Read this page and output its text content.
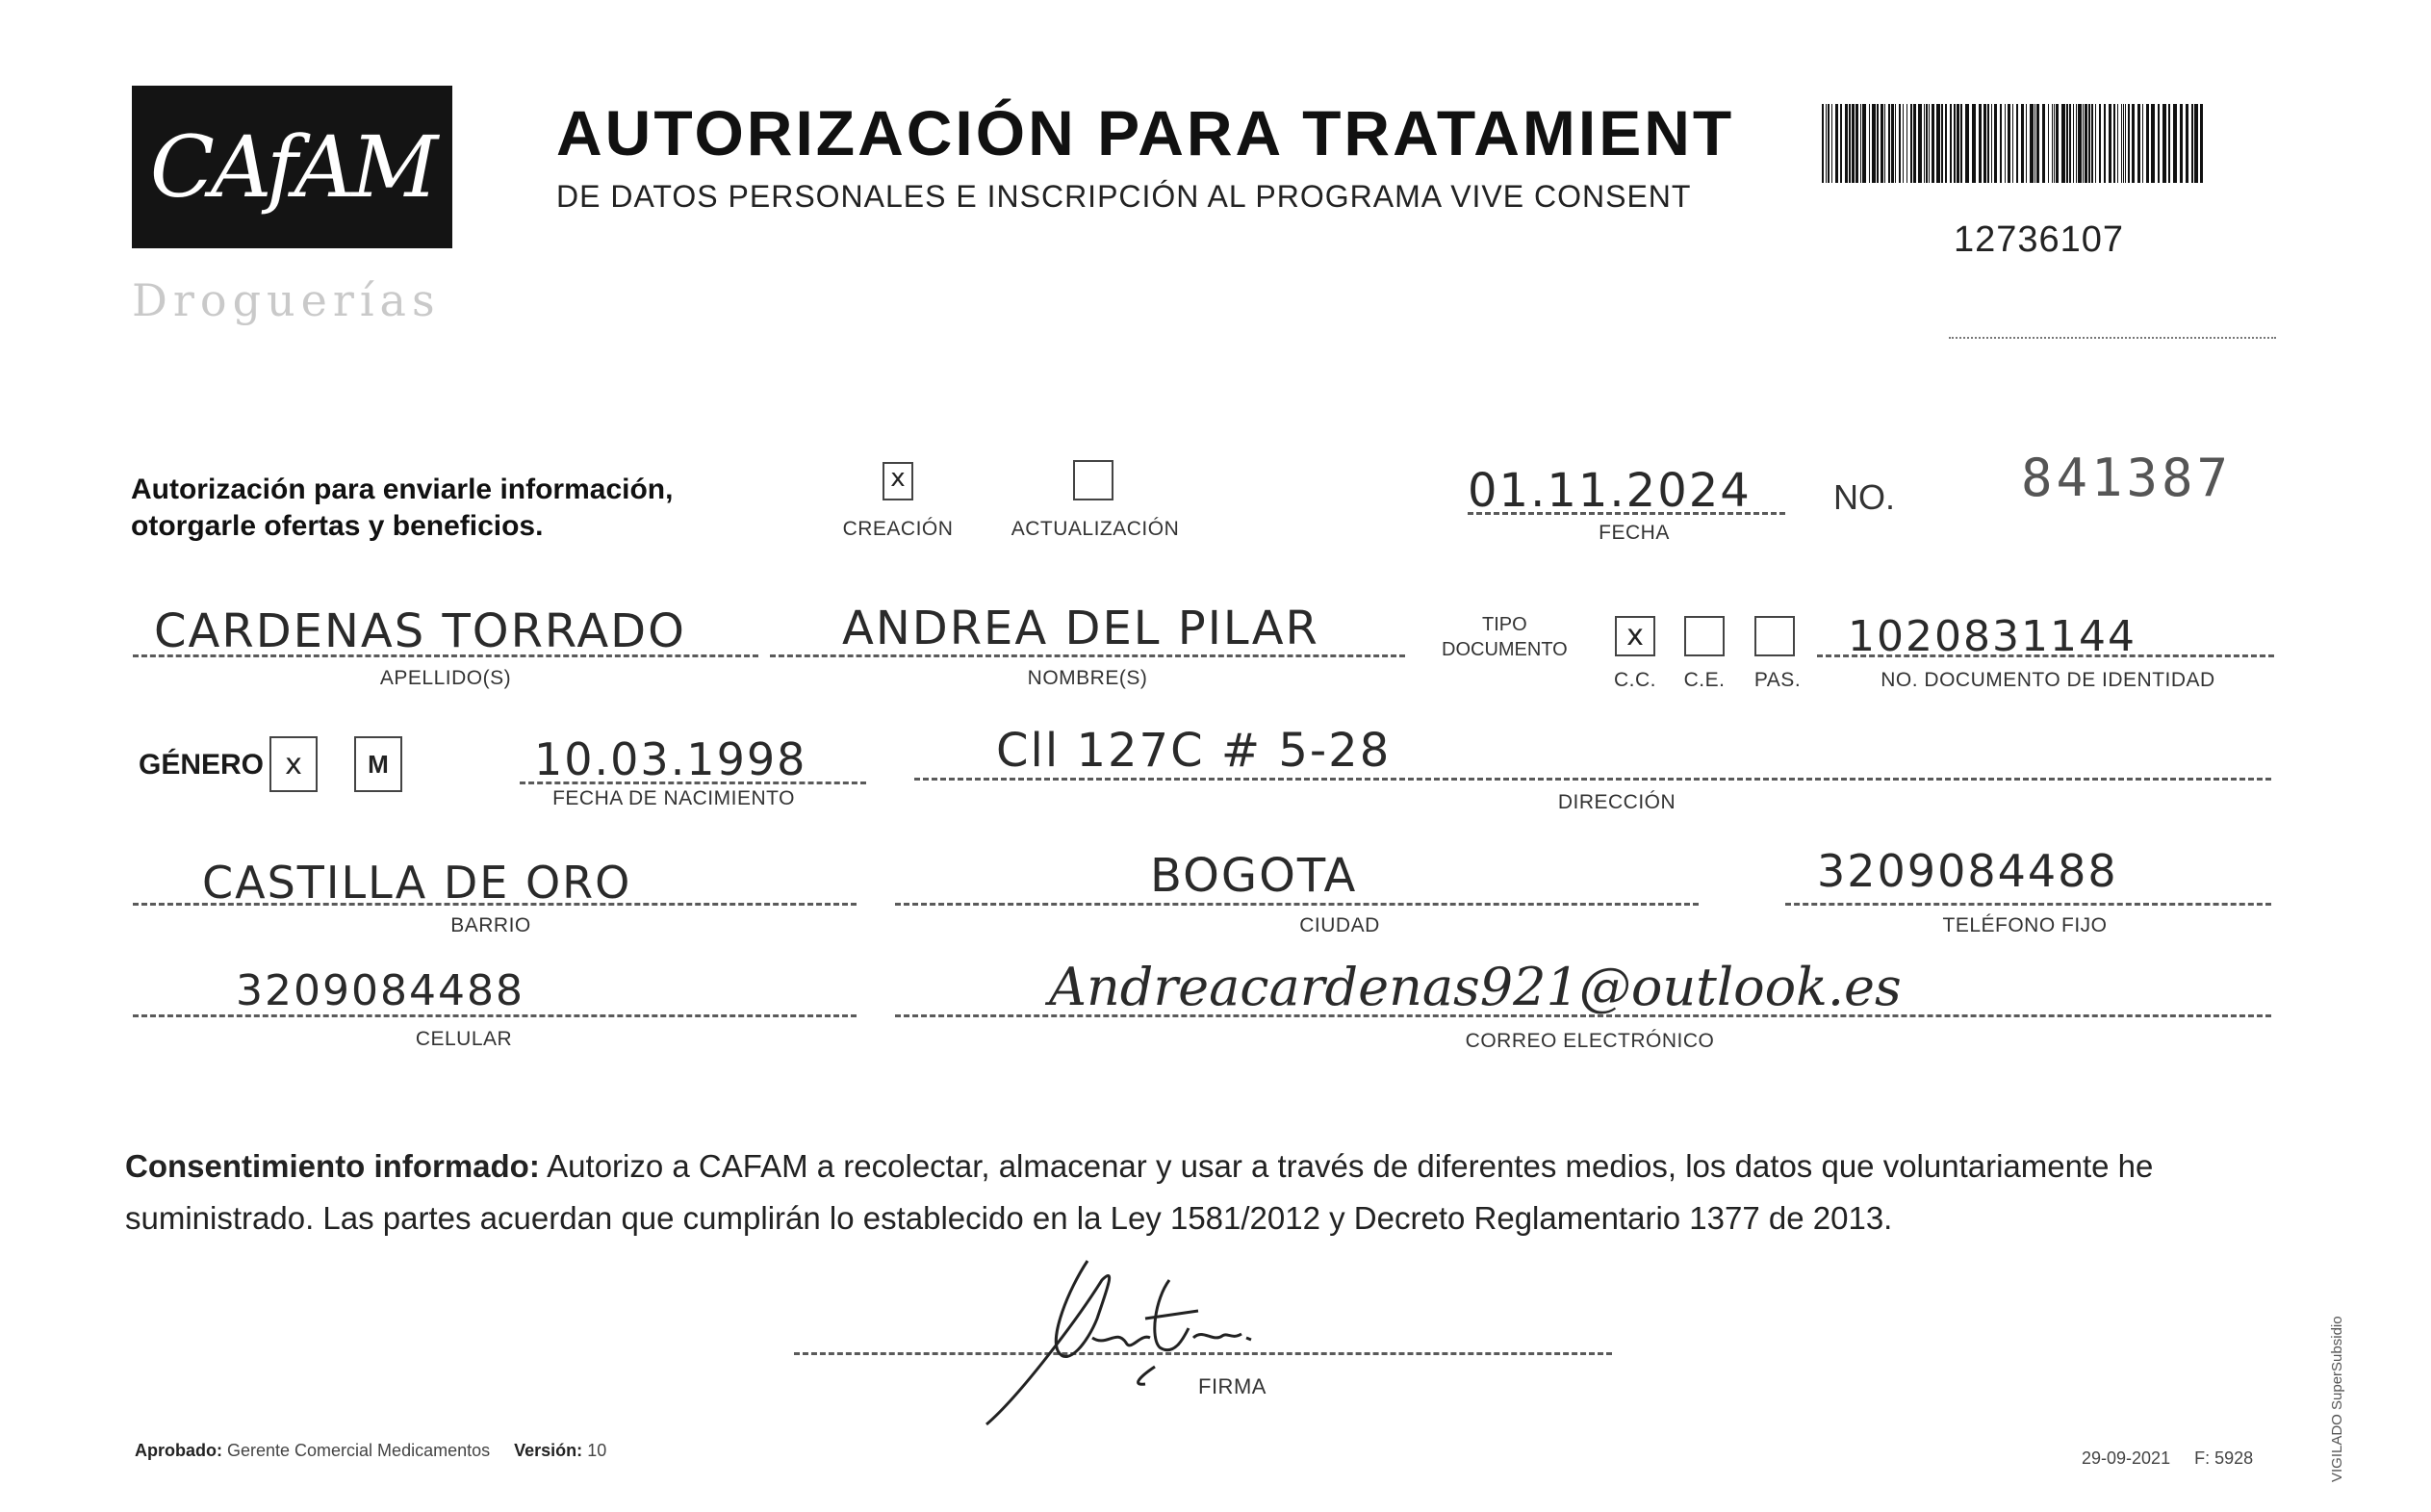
CAfAM
Droguerías
AUTORIZACIÓN PARA TRATAMIENT
DE DATOS PERSONALES E INSCRIPCIÓN AL PROGRAMA VIVE CONSENT
12736107
Autorización para enviarle información,
otorgarle ofertas y beneficios.
x
CREACIÓN	ACTUALIZACIÓN
01.11.2024
FECHA
NO. 841387
CARDENAS TORRADO
APELLIDO(S)
ANDREA DEL PILAR
NOMBRE(S)
TIPO
DOCUMENTO	x
C.C. C.E. PAS.
1020831144
NO. DOCUMENTO DE IDENTIDAD
GÉNERO x	M	10.03.1998
FECHA DE NACIMIENTO
Cll 127C # 5-28
DIRECCIÓN
CASTILLA DE ORO
BARRIO
BOGOTA
CIUDAD
3209084488
TELÉFONO FIJO
3209084488
CELULAR
Andreacardenas921@outlook.es
CORREO ELECTRÓNICO
Consentimiento informado: Autorizo a CAFAM a recolectar, almacenar y usar a través de diferentes medios, los datos que voluntariamente he suministrado. Las partes acuerdan que cumplirán lo establecido en la Ley 1581/2012 y Decreto Reglamentario 1377 de 2013.
FIRMA
Aprobado: Gerente Comercial Medicamentos Versión: 10	29-09-2021 F: 5928	VIGILADO SuperSubsidio
